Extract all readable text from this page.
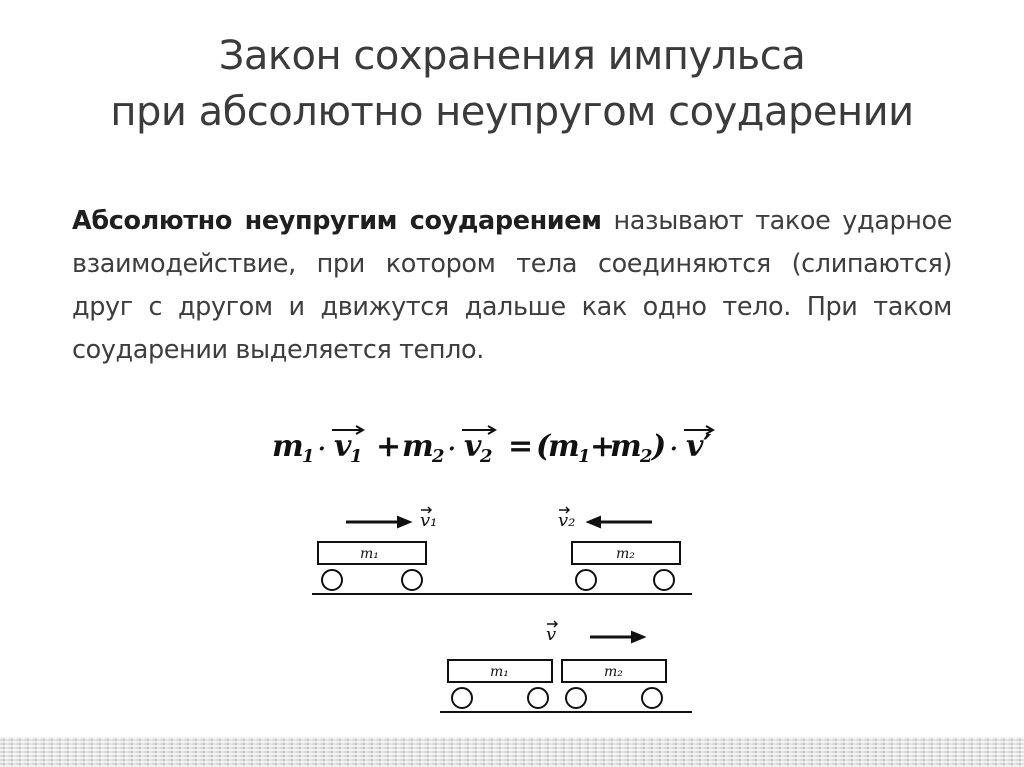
Закон сохранения импульса
при абсолютно неупругом соударении
Абсолютно неупругим соударением называют такое ударное взаимодействие, при котором тела соединяются (слипаются) друг с другом и движутся дальше как одно тело. При таком соударении выделяется тепло.
m
1 · v
1 + m
2 · v
2 = (
m
1 +
m
2 ) · v′
m₁	m₂
m₁	m₂
v₁	v₂
v
